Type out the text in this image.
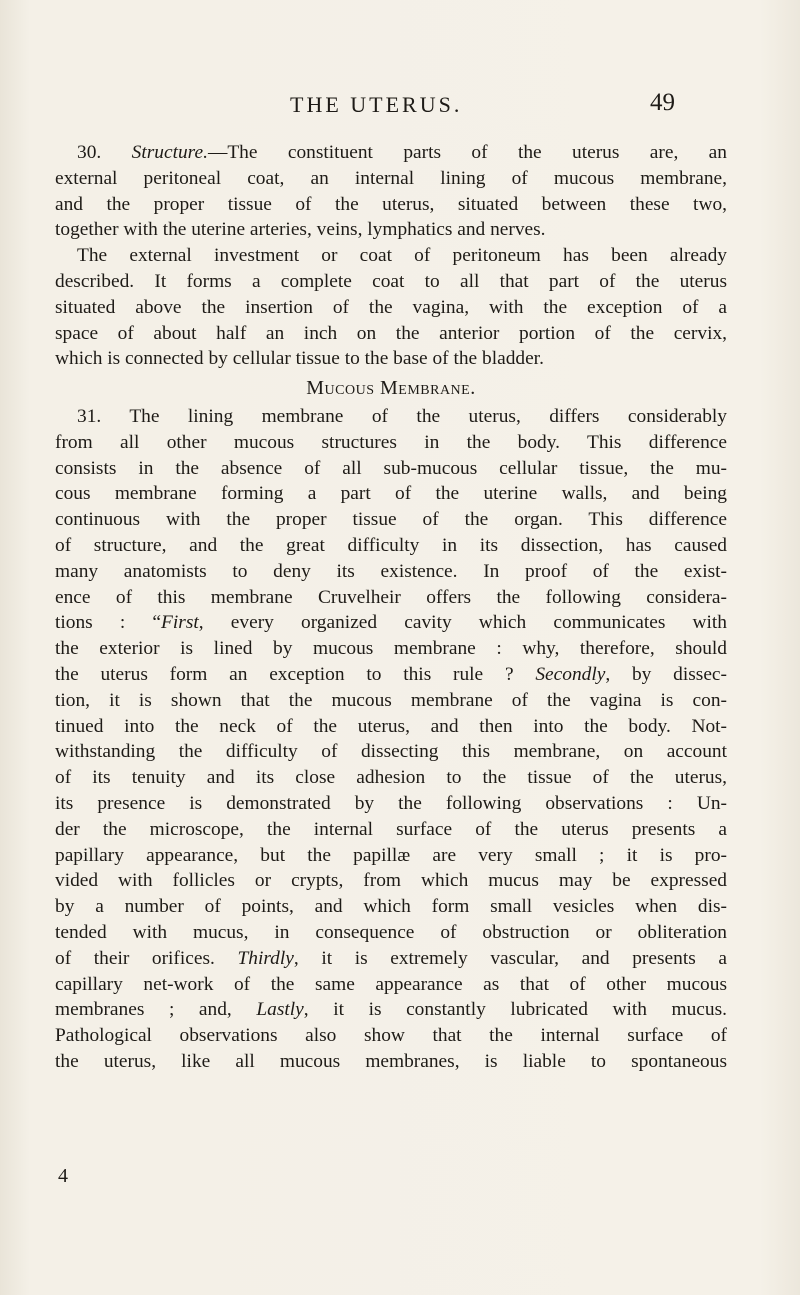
THE UTERUS.	49

30. Structure.—The constituent parts of the uterus are, an
external peritoneal coat, an internal lining of mucous membrane,
and the proper tissue of the uterus, situated between these two,
together with the uterine arteries, veins, lymphatics and nerves.
The external investment or coat of peritoneum has been already
described. It forms a complete coat to all that part of the uterus
situated above the insertion of the vagina, with the exception of a
space of about half an inch on the anterior portion of the cervix,
which is connected by cellular tissue to the base of the bladder.

Mucous Membrane.

31. The lining membrane of the uterus, differs considerably
from all other mucous structures in the body. This difference
consists in the absence of all sub-mucous cellular tissue, the mu-
cous membrane forming a part of the uterine walls, and being
continuous with the proper tissue of the organ. This difference
of structure, and the great difficulty in its dissection, has caused
many anatomists to deny its existence. In proof of the exist-
ence of this membrane Cruvelheir offers the following considera-
tions : “First, every organized cavity which communicates with
the exterior is lined by mucous membrane : why, therefore, should
the uterus form an exception to this rule ? Secondly, by dissec-
tion, it is shown that the mucous membrane of the vagina is con-
tinued into the neck of the uterus, and then into the body. Not-
withstanding the difficulty of dissecting this membrane, on account
of its tenuity and its close adhesion to the tissue of the uterus,
its presence is demonstrated by the following observations : Un-
der the microscope, the internal surface of the uterus presents a
papillary appearance, but the papillæ are very small ; it is pro-
vided with follicles or crypts, from which mucus may be expressed
by a number of points, and which form small vesicles when dis-
tended with mucus, in consequence of obstruction or obliteration
of their orifices. Thirdly, it is extremely vascular, and presents a
capillary net-work of the same appearance as that of other mucous
membranes ; and, Lastly, it is constantly lubricated with mucus.
Pathological observations also show that the internal surface of
the uterus, like all mucous membranes, is liable to spontaneous

4
